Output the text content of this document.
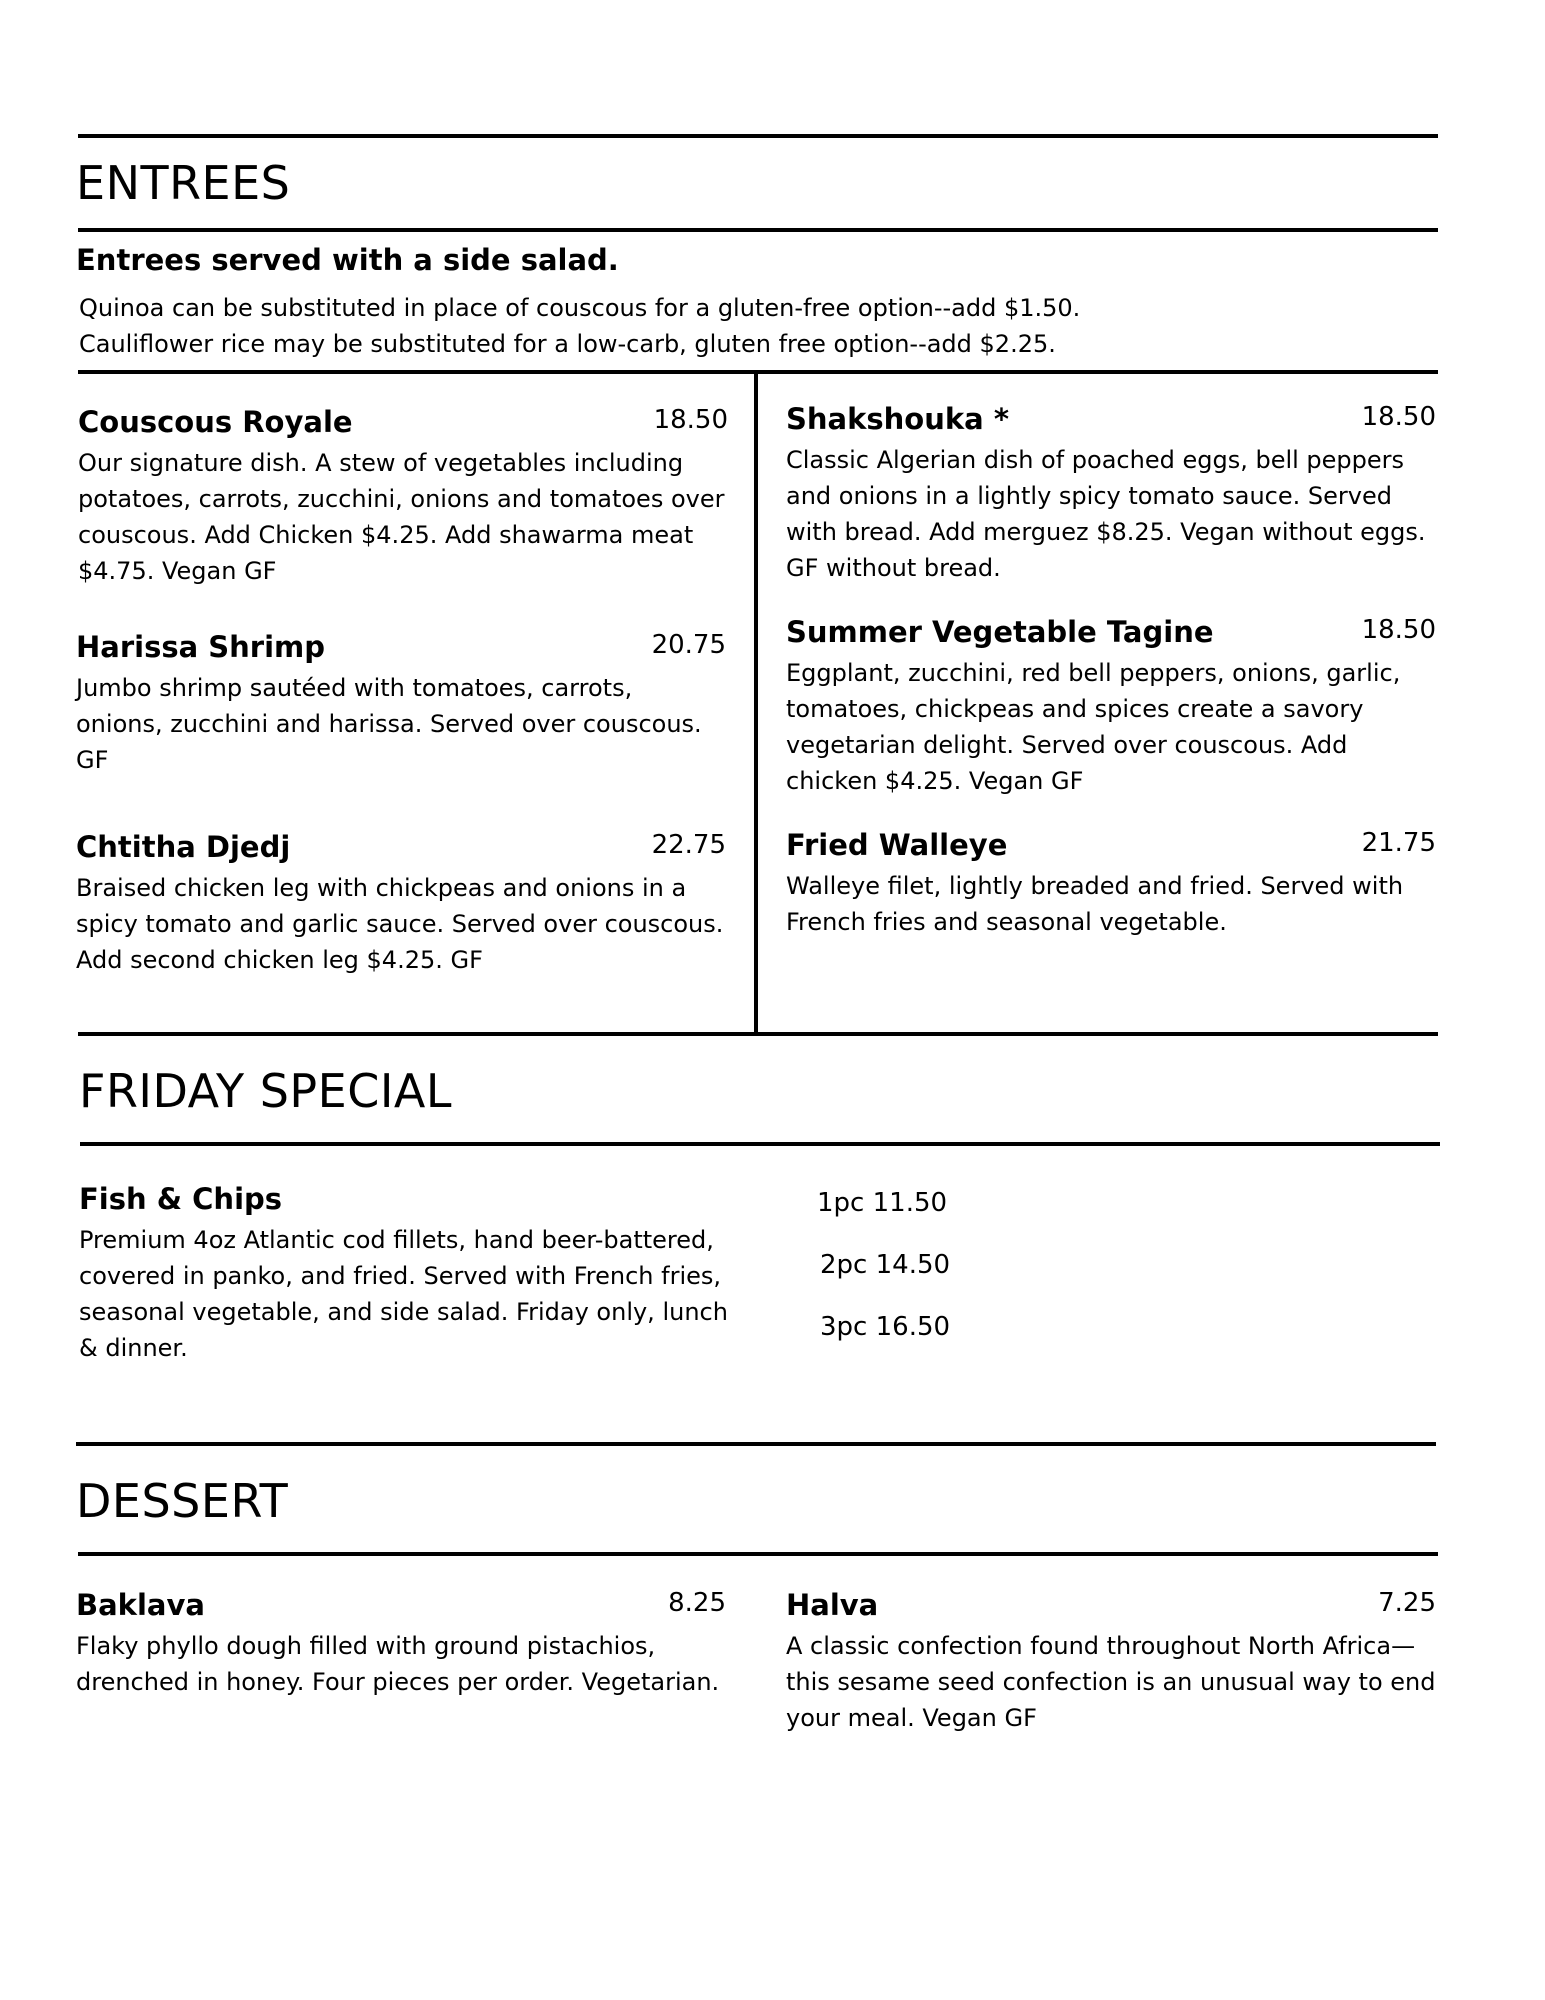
ENTREES
Entrees served with a side salad.
Quinoa can be substituted in place of couscous for a gluten-free option--add $1.50.
Cauliflower rice may be substituted for a low-carb, gluten free option--add $2.25.
Couscous Royale	18.50
Our signature dish. A stew of vegetables including potatoes, carrots, zucchini, onions and tomatoes over couscous. Add Chicken $4.25. Add shawarma meat $4.75. Vegan GF
Harissa Shrimp	20.75
Jumbo shrimp sautéed with tomatoes, carrots, onions, zucchini and harissa. Served over couscous. GF
Chtitha Djedj	22.75
Braised chicken leg with chickpeas and onions in a spicy tomato and garlic sauce. Served over couscous. Add second chicken leg $4.25. GF
Shakshouka *	18.50
Classic Algerian dish of poached eggs, bell peppers and onions in a lightly spicy tomato sauce. Served with bread. Add merguez $8.25. Vegan without eggs. GF without bread.
Summer Vegetable Tagine	18.50
Eggplant, zucchini, red bell peppers, onions, garlic, tomatoes, chickpeas and spices create a savory vegetarian delight. Served over couscous. Add chicken $4.25. Vegan GF
Fried Walleye	21.75
Walleye filet, lightly breaded and fried. Served with French fries and seasonal vegetable.
FRIDAY SPECIAL
Fish & Chips
Premium 4oz Atlantic cod fillets, hand beer-battered, covered in panko, and fried. Served with French fries, seasonal vegetable, and side salad. Friday only, lunch & dinner.
1pc 11.50
2pc 14.50
3pc 16.50
DESSERT
Baklava	8.25
Flaky phyllo dough filled with ground pistachios, drenched in honey. Four pieces per order. Vegetarian.
Halva	7.25
A classic confection found throughout North Africa—this sesame seed confection is an unusual way to end your meal. Vegan GF
